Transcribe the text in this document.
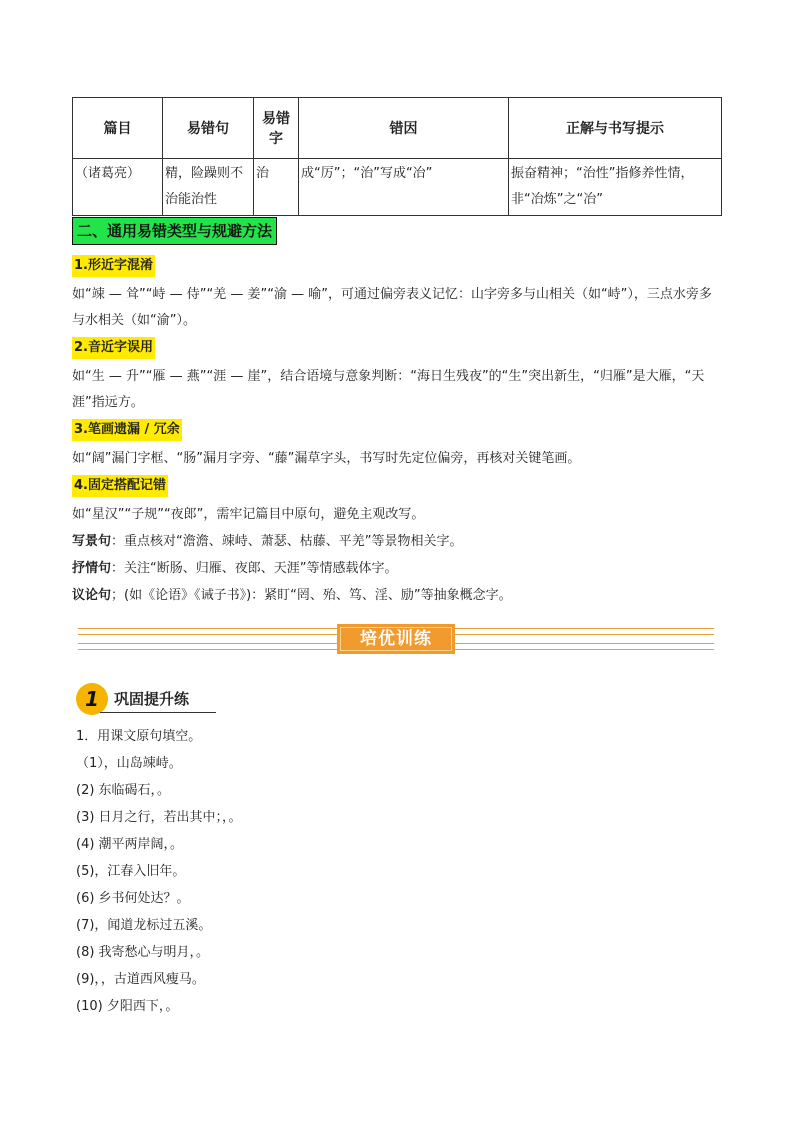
篇目	易错句	易错字	错因	正解与书写提示
（诸葛亮）	精，险躁则不治能治性	治	成“厉”；“治”写成“冶”	振奋精神；“治性”指修养性情，非“冶炼”之“冶”
二、通用易错类型与规避方法
1.形近字混淆
如“竦 — 耸”“峙 — 侍”“羌 — 姜”“渝 — 喻”，可通过偏旁表义记忆：山字旁多与山相关（如“峙”），三点水旁多与水相关（如“渝”）。
2.音近字误用
如“生 — 升”“雁 — 燕”“涯 — 崖”，结合语境与意象判断：“海日生残夜”的“生”突出新生，“归雁”是大雁，“天涯”指远方。
3.笔画遗漏 / 冗余
如“阔”漏门字框、“肠”漏月字旁、“藤”漏草字头，书写时先定位偏旁，再核对关键笔画。
4.固定搭配记错
如“星汉”“子规”“夜郎”，需牢记篇目中原句，避免主观改写。
写景句：重点核对“澹澹、竦峙、萧瑟、枯藤、平羌”等景物相关字。
抒情句：关注“断肠、归雁、夜郎、天涯”等情感载体字。
议论句；(如《论语》《诫子书》)：紧盯“罔、殆、笃、淫、励”等抽象概念字。
培优训练
1	巩固提升练
1．用课文原句填空。
（1），山岛竦峙。
(2) 东临碣石，。
(3) 日月之行，若出其中；，。
(4) 潮平两岸阔，。
(5)，江春入旧年。
(6) 乡书何处达？。
(7)，闻道龙标过五溪。
(8) 我寄愁心与明月，。
(9)，，古道西风瘦马。
(10) 夕阳西下，。
